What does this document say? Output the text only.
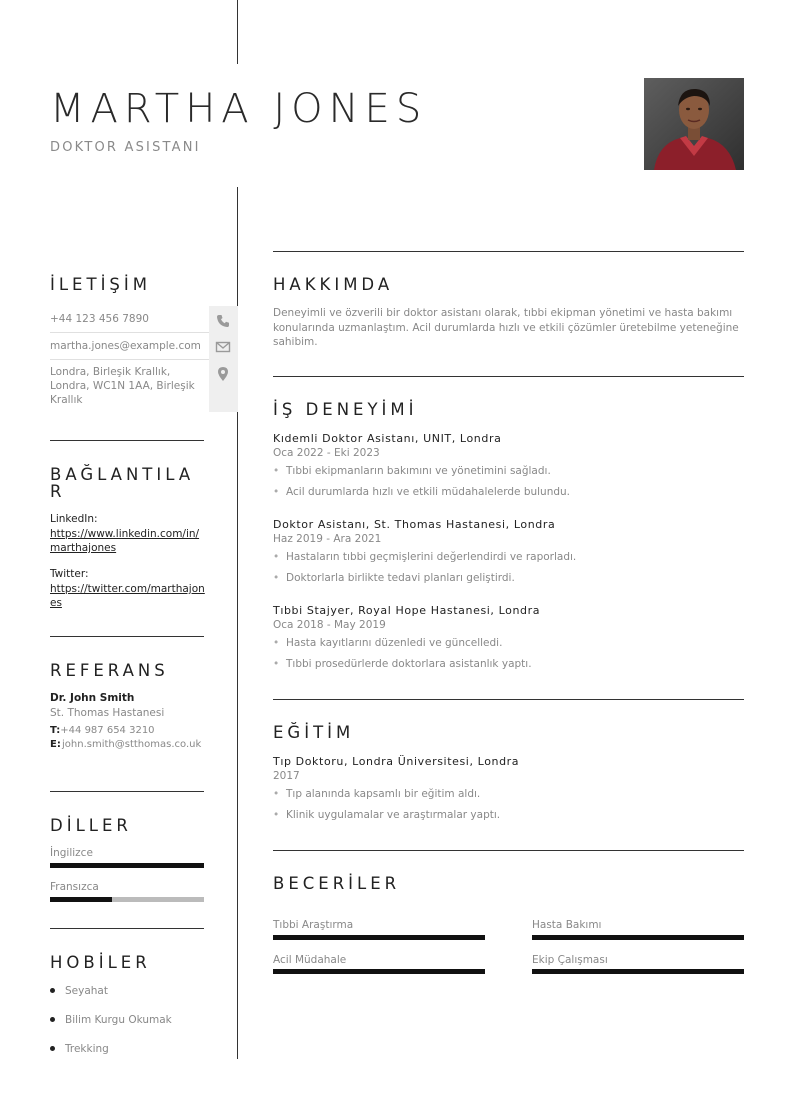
MARTHA JONES
DOKTOR ASISTANI
İLETİŞİM
+44 123 456 7890
martha.jones@example.com
Londra, Birleşik Krallık, Londra, WC1N 1AA, Birleşik Krallık
BAĞLANTILA
R
LinkedIn:
https://www.linkedin.com/in/marthajones
Twitter:
https://twitter.com/marthajones
REFERANS
Dr. John Smith
St. Thomas Hastanesi
T:+44 987 654 3210
E: john.smith@stthomas.co.uk
DİLLER
İngilizce
Fransızca
HOBİLER
Seyahat
Bilim Kurgu Okumak
Trekking
HAKKIMDA
Deneyimli ve özverili bir doktor asistanı olarak, tıbbi ekipman yönetimi ve hasta bakımı konularında uzmanlaştım. Acil durumlarda hızlı ve etkili çözümler üretebilme yeteneğine sahibim.
İŞ DENEYİMİ
Kıdemli Doktor Asistanı, UNIT, Londra
Oca 2022 - Eki 2023
• Tıbbi ekipmanların bakımını ve yönetimini sağladı.
• Acil durumlarda hızlı ve etkili müdahalelerde bulundu.
Doktor Asistanı, St. Thomas Hastanesi, Londra
Haz 2019 - Ara 2021
• Hastaların tıbbi geçmişlerini değerlendirdi ve raporladı.
• Doktorlarla birlikte tedavi planları geliştirdi.
Tıbbi Stajyer, Royal Hope Hastanesi, Londra
Oca 2018 - May 2019
• Hasta kayıtlarını düzenledi ve güncelledi.
• Tıbbi prosedürlerde doktorlara asistanlık yaptı.
EĞİTİM
Tıp Doktoru, Londra Üniversitesi, Londra
2017
• Tıp alanında kapsamlı bir eğitim aldı.
• Klinik uygulamalar ve araştırmalar yaptı.
BECERİLER
Tıbbi Araştırma	Hasta Bakımı
Acil Müdahale	Ekip Çalışması
